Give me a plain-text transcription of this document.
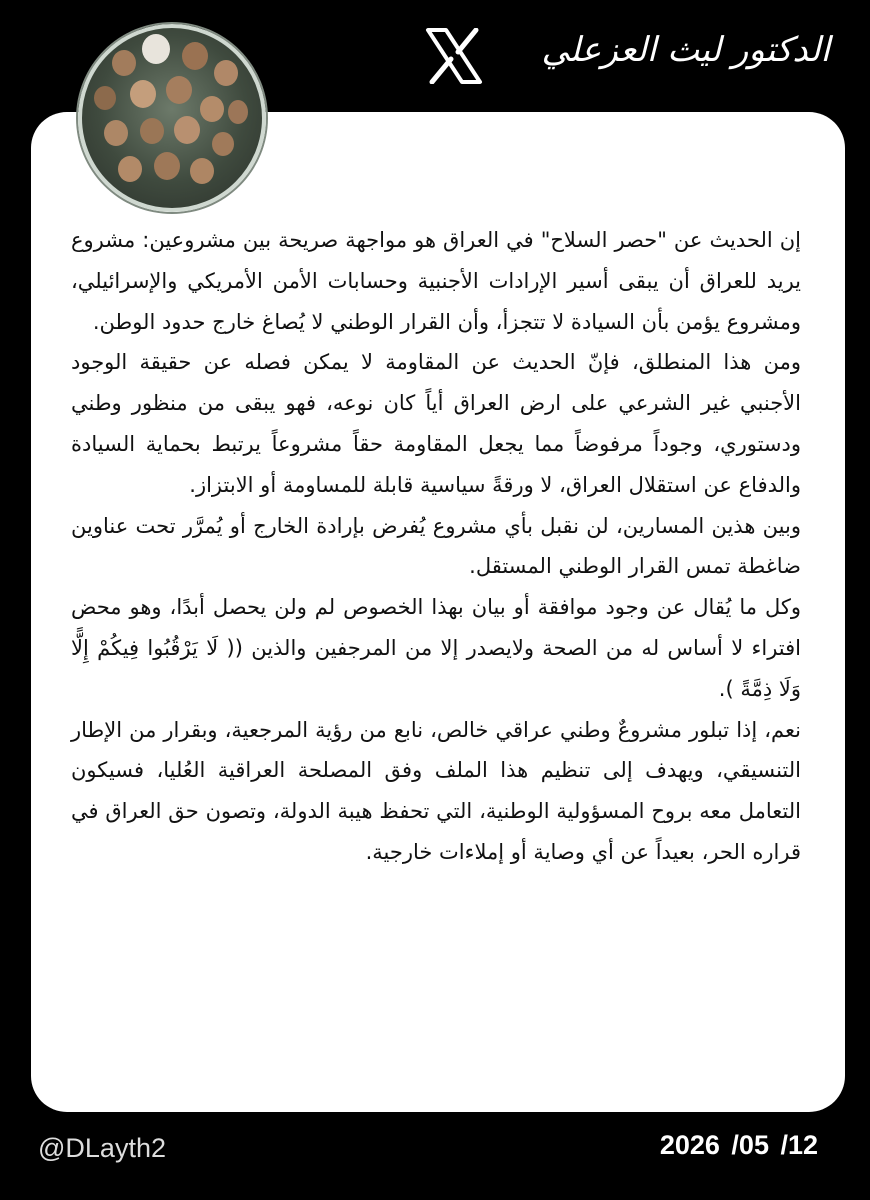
الدكتور ليث العزعلي

إن الحديث عن "حصر السلاح" في العراق هو مواجهة صريحة بين مشروعين: مشروع يريد للعراق أن يبقى أسير الإرادات الأجنبية وحسابات الأمن الأمريكي والإسرائيلي، ومشروع يؤمن بأن السيادة لا تتجزأ، وأن القرار الوطني لا يُصاغ خارج حدود الوطن.

ومن هذا المنطلق، فإنّ الحديث عن المقاومة لا يمكن فصله عن حقيقة الوجود الأجنبي غير الشرعي على ارض العراق أياً كان نوعه، فهو يبقى من منظور وطني ودستوري، وجوداً مرفوضاً مما يجعل المقاومة حقاً مشروعاً يرتبط بحماية السيادة والدفاع عن استقلال العراق، لا ورقةً سياسية قابلة للمساومة أو الابتزاز.

وبين هذين المسارين، لن نقبل بأي مشروع يُفرض بإرادة الخارج أو يُمرَّر تحت عناوين ضاغطة تمس القرار الوطني المستقل.

وكل ما يُقال عن وجود موافقة أو بيان بهذا الخصوص لم ولن يحصل أبدًا، وهو محض افتراء لا أساس له من الصحة ولايصدر إلا من المرجفين والذين (( لَا يَرْقُبُوا فِيكُمْ إِلًّا وَلَا ذِمَّةً ).

نعم، إذا تبلور مشروعٌ وطني عراقي خالص، نابع من رؤية المرجعية، وبقرار من الإطار التنسيقي، ويهدف إلى تنظيم هذا الملف وفق المصلحة العراقية العُليا، فسيكون التعامل معه بروح المسؤولية الوطنية، التي تحفظ هيبة الدولة، وتصون حق العراق في قراره الحر، بعيداً عن أي وصاية أو إملاءات خارجية.

@DLayth2	2026 /05 /12
